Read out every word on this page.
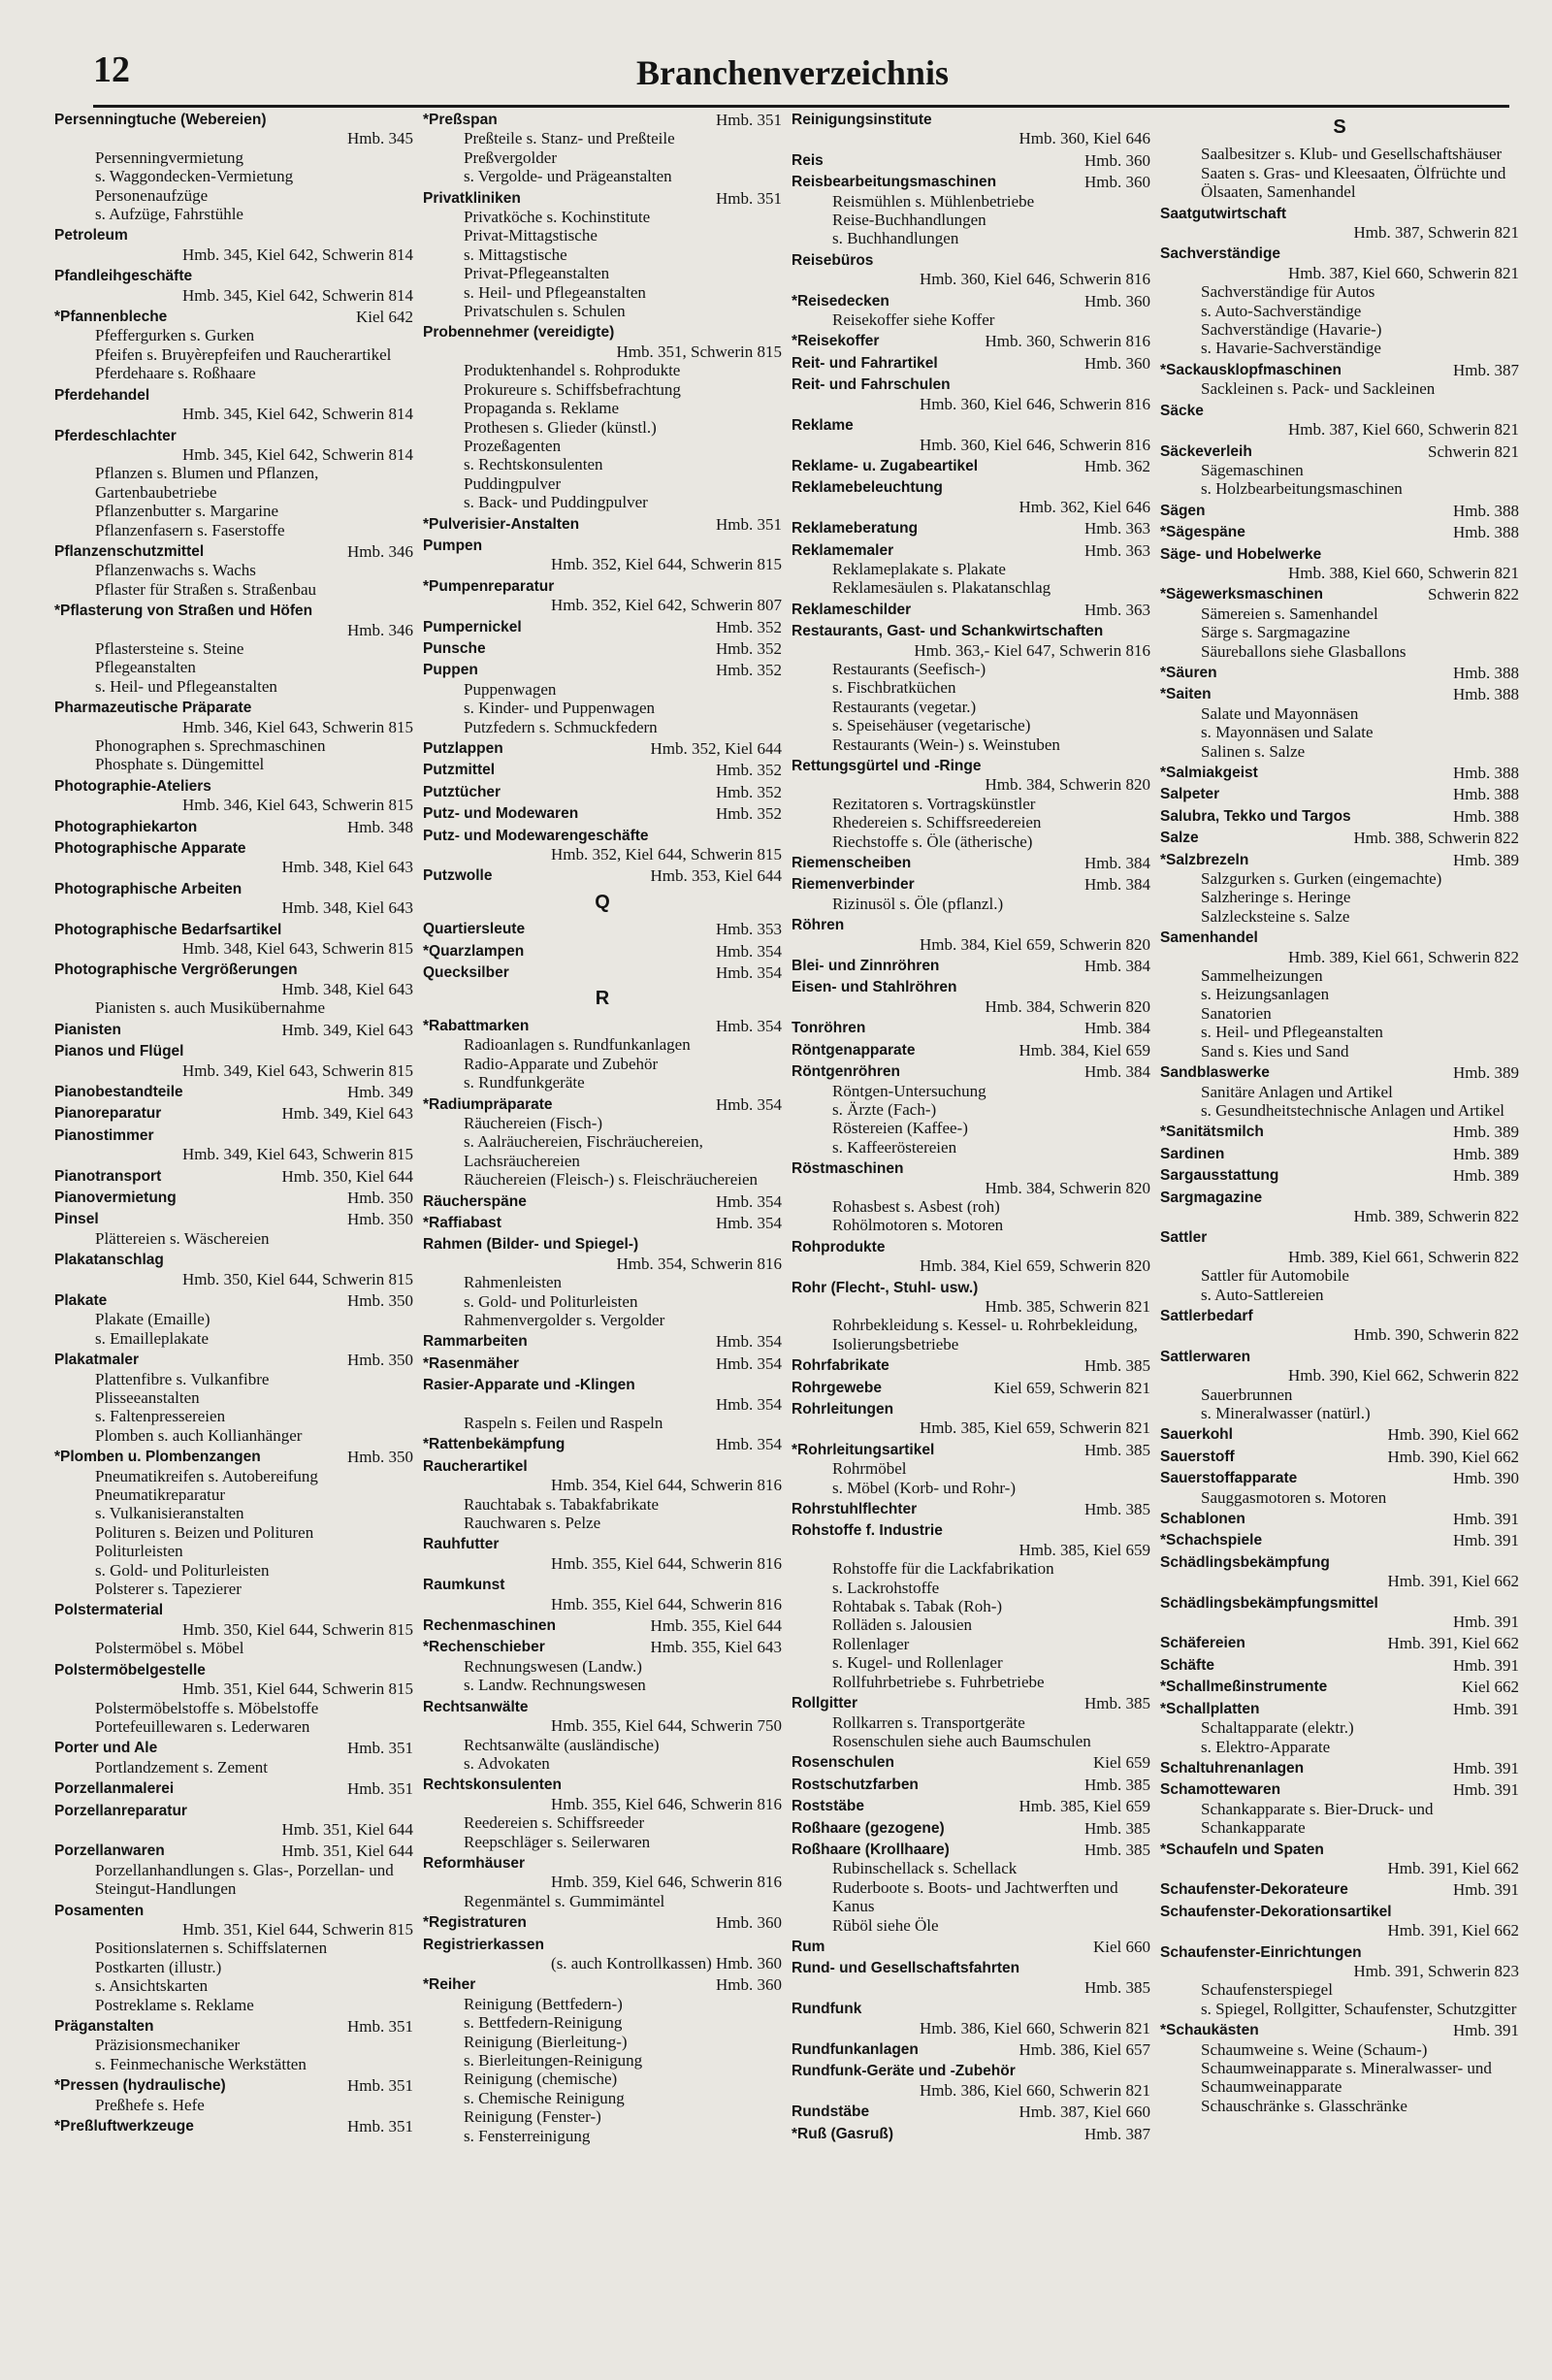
12	Branchenverzeichnis
Persenningtuche (Webereien)
Hmb. 345
Persenningvermietung
s. Waggondecken-Vermietung
Personenaufzüge
s. Aufzüge, Fahrstühle
Petroleum
Hmb. 345, Kiel 642, Schwerin 814
Pfandleihgeschäfte
Hmb. 345, Kiel 642, Schwerin 814
Kiel 642
*Pfannenbleche
Pfeffergurken s. Gurken
Pfeifen s. Bruyèrepfeifen und Raucherartikel
Pferdehaare s. Roßhaare
Pferdehandel
Hmb. 345, Kiel 642, Schwerin 814
Pferdeschlachter
Hmb. 345, Kiel 642, Schwerin 814
Pflanzen s. Blumen und Pflanzen, Gartenbaubetriebe
Pflanzenbutter s. Margarine
Pflanzenfasern s. Faserstoffe
Hmb. 346
Pflanzenschutzmittel
Pflanzenwachs s. Wachs
Pflaster für Straßen s. Straßenbau
*Pflasterung von Straßen und Höfen
Hmb. 346
Pflastersteine s. Steine
Pflegeanstalten
s. Heil- und Pflegeanstalten
Pharmazeutische Präparate
Hmb. 346, Kiel 643, Schwerin 815
Phonographen s. Sprechmaschinen
Phosphate s. Düngemittel
Photographie-Ateliers
Hmb. 346, Kiel 643, Schwerin 815
Hmb. 348
Photographiekarton
Photographische Apparate
Hmb. 348, Kiel 643
Photographische Arbeiten
Hmb. 348, Kiel 643
Photographische Bedarfsartikel
Hmb. 348, Kiel 643, Schwerin 815
Photographische Vergrößerungen
Hmb. 348, Kiel 643
Pianisten s. auch Musikübernahme
Hmb. 349, Kiel 643
Pianisten
Pianos und Flügel
Hmb. 349, Kiel 643, Schwerin 815
Hmb. 349
Pianobestandteile
Hmb. 349, Kiel 643
Pianoreparatur
Pianostimmer
Hmb. 349, Kiel 643, Schwerin 815
Hmb. 350, Kiel 644
Pianotransport
Hmb. 350
Pianovermietung
Hmb. 350
Pinsel
Plättereien s. Wäschereien
Plakatanschlag
Hmb. 350, Kiel 644, Schwerin 815
Hmb. 350
Plakate
Plakate (Emaille)
s. Emailleplakate
Hmb. 350
Plakatmaler
Plattenfibre s. Vulkanfibre
Plisseeanstalten
s. Faltenpressereien
Plomben s. auch Kollianhänger
Hmb. 350
*Plomben u. Plombenzangen
Pneumatikreifen s. Autobereifung
Pneumatikreparatur
s. Vulkanisieranstalten
Polituren s. Beizen und Polituren
Politurleisten
s. Gold- und Politurleisten
Polsterer s. Tapezierer
Polstermaterial
Hmb. 350, Kiel 644, Schwerin 815
Polstermöbel s. Möbel
Polstermöbelgestelle
Hmb. 351, Kiel 644, Schwerin 815
Polstermöbelstoffe s. Möbelstoffe
Portefeuillewaren s. Lederwaren
Hmb. 351
Porter und Ale
Portlandzement s. Zement
Hmb. 351
Porzellanmalerei
Porzellanreparatur
Hmb. 351, Kiel 644
Hmb. 351, Kiel 644
Porzellanwaren
Porzellanhandlungen s. Glas-, Porzellan- und Steingut-Handlungen
Posamenten
Hmb. 351, Kiel 644, Schwerin 815
Positionslaternen s. Schiffslaternen
Postkarten (illustr.)
s. Ansichtskarten
Postreklame s. Reklame
Hmb. 351
Präganstalten
Präzisionsmechaniker
s. Feinmechanische Werkstätten
Hmb. 351
*Pressen (hydraulische)
Preßhefe s. Hefe
Hmb. 351
*Preßluftwerkzeuge
Hmb. 351
*Preßspan
Preßteile s. Stanz- und Preßteile
Preßvergolder
s. Vergolde- und Prägeanstalten
Hmb. 351
Privatkliniken
Privatköche s. Kochinstitute
Privat-Mittagstische
s. Mittagstische
Privat-Pflegeanstalten
s. Heil- und Pflegeanstalten
Privatschulen s. Schulen
Probennehmer (vereidigte)
Hmb. 351, Schwerin 815
Produktenhandel s. Rohprodukte
Prokureure s. Schiffsbefrachtung
Propaganda s. Reklame
Prothesen s. Glieder (künstl.)
Prozeßagenten
s. Rechtskonsulenten
Puddingpulver
s. Back- und Puddingpulver
Hmb. 351
*Pulverisier-Anstalten
Pumpen
Hmb. 352, Kiel 644, Schwerin 815
*Pumpenreparatur
Hmb. 352, Kiel 642, Schwerin 807
Hmb. 352
Pumpernickel
Hmb. 352
Punsche
Hmb. 352
Puppen
Puppenwagen
s. Kinder- und Puppenwagen
Putzfedern s. Schmuckfedern
Hmb. 352, Kiel 644
Putzlappen
Hmb. 352
Putzmittel
Hmb. 352
Putztücher
Hmb. 352
Putz- und Modewaren
Putz- und Modewarengeschäfte
Hmb. 352, Kiel 644, Schwerin 815
Hmb. 353, Kiel 644
Putzwolle
Q
Hmb. 353
Quartiersleute
Hmb. 354
*Quarzlampen
Hmb. 354
Quecksilber
R
Hmb. 354
*Rabattmarken
Radioanlagen s. Rundfunkanlagen
Radio-Apparate und Zubehör
s. Rundfunkgeräte
Hmb. 354
*Radiumpräparate
Räuchereien (Fisch-)
s. Aalräuchereien, Fischräuchereien, Lachsräuchereien
Räuchereien (Fleisch-) s. Fleischräuchereien
Hmb. 354
Räucherspäne
Hmb. 354
*Raffiabast
Rahmen (Bilder- und Spiegel-)
Hmb. 354, Schwerin 816
Rahmenleisten
s. Gold- und Politurleisten
Rahmenvergolder s. Vergolder
Hmb. 354
Rammarbeiten
Hmb. 354
*Rasenmäher
Rasier-Apparate und -Klingen
Hmb. 354
Raspeln s. Feilen und Raspeln
Hmb. 354
*Rattenbekämpfung
Raucherartikel
Hmb. 354, Kiel 644, Schwerin 816
Rauchtabak s. Tabakfabrikate
Rauchwaren s. Pelze
Rauhfutter
Hmb. 355, Kiel 644, Schwerin 816
Raumkunst
Hmb. 355, Kiel 644, Schwerin 816
Hmb. 355, Kiel 644
Rechenmaschinen
Hmb. 355, Kiel 643
*Rechenschieber
Rechnungswesen (Landw.)
s. Landw. Rechnungswesen
Rechtsanwälte
Hmb. 355, Kiel 644, Schwerin 750
Rechtsanwälte (ausländische)
s. Advokaten
Rechtskonsulenten
Hmb. 355, Kiel 646, Schwerin 816
Reedereien s. Schiffsreeder
Reepschläger s. Seilerwaren
Reformhäuser
Hmb. 359, Kiel 646, Schwerin 816
Regenmäntel s. Gummimäntel
Hmb. 360
*Registraturen
Registrierkassen
(s. auch Kontrollkassen) Hmb. 360
Hmb. 360
*Reiher
Reinigung (Bettfedern-)
s. Bettfedern-Reinigung
Reinigung (Bierleitung-)
s. Bierleitungen-Reinigung
Reinigung (chemische)
s. Chemische Reinigung
Reinigung (Fenster-)
s. Fensterreinigung
Reinigungsinstitute
Hmb. 360, Kiel 646
Hmb. 360
Reis
Hmb. 360
Reisbearbeitungsmaschinen
Reismühlen s. Mühlenbetriebe
Reise-Buchhandlungen
s. Buchhandlungen
Reisebüros
Hmb. 360, Kiel 646, Schwerin 816
Hmb. 360
*Reisedecken
Reisekoffer siehe Koffer
Hmb. 360, Schwerin 816
*Reisekoffer
Hmb. 360
Reit- und Fahrartikel
Reit- und Fahrschulen
Hmb. 360, Kiel 646, Schwerin 816
Reklame
Hmb. 360, Kiel 646, Schwerin 816
Hmb. 362
Reklame- u. Zugabeartikel
Reklamebeleuchtung
Hmb. 362, Kiel 646
Hmb. 363
Reklameberatung
Hmb. 363
Reklamemaler
Reklameplakate s. Plakate
Reklamesäulen s. Plakatanschlag
Hmb. 363
Reklameschilder
Restaurants, Gast- und Schankwirtschaften
Hmb. 363,- Kiel 647, Schwerin 816
Restaurants (Seefisch-)
s. Fischbratküchen
Restaurants (vegetar.)
s. Speisehäuser (vegetarische)
Restaurants (Wein-) s. Weinstuben
Rettungsgürtel und -Ringe
Hmb. 384, Schwerin 820
Rezitatoren s. Vortragskünstler
Rhedereien s. Schiffsreedereien
Riechstoffe s. Öle (ätherische)
Hmb. 384
Riemenscheiben
Hmb. 384
Riemenverbinder
Rizinusöl s. Öle (pflanzl.)
Röhren
Hmb. 384, Kiel 659, Schwerin 820
Hmb. 384
Blei- und Zinnröhren
Eisen- und Stahlröhren
Hmb. 384, Schwerin 820
Hmb. 384
Tonröhren
Hmb. 384, Kiel 659
Röntgenapparate
Hmb. 384
Röntgenröhren
Röntgen-Untersuchung
s. Ärzte (Fach-)
Röstereien (Kaffee-)
s. Kaffeeröstereien
Röstmaschinen
Hmb. 384, Schwerin 820
Rohasbest s. Asbest (roh)
Rohölmotoren s. Motoren
Rohprodukte
Hmb. 384, Kiel 659, Schwerin 820
Rohr (Flecht-, Stuhl- usw.)
Hmb. 385, Schwerin 821
Rohrbekleidung s. Kessel- u. Rohrbekleidung, Isolierungsbetriebe
Hmb. 385
Rohrfabrikate
Kiel 659, Schwerin 821
Rohrgewebe
Rohrleitungen
Hmb. 385, Kiel 659, Schwerin 821
Hmb. 385
*Rohrleitungsartikel
Rohrmöbel
s. Möbel (Korb- und Rohr-)
Hmb. 385
Rohrstuhlflechter
Rohstoffe f. Industrie
Hmb. 385, Kiel 659
Rohstoffe für die Lackfabrikation
s. Lackrohstoffe
Rohtabak s. Tabak (Roh-)
Rolläden s. Jalousien
Rollenlager
s. Kugel- und Rollenlager
Rollfuhrbetriebe s. Fuhrbetriebe
Hmb. 385
Rollgitter
Rollkarren s. Transportgeräte
Rosenschulen siehe auch Baumschulen
Kiel 659
Rosenschulen
Hmb. 385
Rostschutzfarben
Hmb. 385, Kiel 659
Roststäbe
Hmb. 385
Roßhaare (gezogene)
Hmb. 385
Roßhaare (Krollhaare)
Rubinschellack s. Schellack
Ruderboote s. Boots- und Jachtwerften und Kanus
Rüböl siehe Öle
Kiel 660
Rum
Rund- und Gesellschaftsfahrten
Hmb. 385
Rundfunk
Hmb. 386, Kiel 660, Schwerin 821
Hmb. 386, Kiel 657
Rundfunkanlagen
Rundfunk-Geräte und -Zubehör
Hmb. 386, Kiel 660, Schwerin 821
Hmb. 387, Kiel 660
Rundstäbe
Hmb. 387
*Ruß (Gasruß)
S
Saalbesitzer s. Klub- und Gesellschaftshäuser
Saaten s. Gras- und Kleesaaten, Ölfrüchte und Ölsaaten, Samenhandel
Saatgutwirtschaft
Hmb. 387, Schwerin 821
Sachverständige
Hmb. 387, Kiel 660, Schwerin 821
Sachverständige für Autos
s. Auto-Sachverständige
Sachverständige (Havarie-)
s. Havarie-Sachverständige
Hmb. 387
*Sackausklopfmaschinen
Sackleinen s. Pack- und Sackleinen
Säcke
Hmb. 387, Kiel 660, Schwerin 821
Schwerin 821
Säckeverleih
Sägemaschinen
s. Holzbearbeitungsmaschinen
Hmb. 388
Sägen
Hmb. 388
*Sägespäne
Säge- und Hobelwerke
Hmb. 388, Kiel 660, Schwerin 821
Schwerin 822
*Sägewerksmaschinen
Sämereien s. Samenhandel
Särge s. Sargmagazine
Säureballons siehe Glasballons
Hmb. 388
*Säuren
Hmb. 388
*Saiten
Salate und Mayonnäsen
s. Mayonnäsen und Salate
Salinen s. Salze
Hmb. 388
*Salmiakgeist
Hmb. 388
Salpeter
Hmb. 388
Salubra, Tekko und Targos
Hmb. 388, Schwerin 822
Salze
Hmb. 389
*Salzbrezeln
Salzgurken s. Gurken (eingemachte)
Salzheringe s. Heringe
Salzlecksteine s. Salze
Samenhandel
Hmb. 389, Kiel 661, Schwerin 822
Sammelheizungen
s. Heizungsanlagen
Sanatorien
s. Heil- und Pflegeanstalten
Sand s. Kies und Sand
Hmb. 389
Sandblaswerke
Sanitäre Anlagen und Artikel
s. Gesundheitstechnische Anlagen und Artikel
Hmb. 389
*Sanitätsmilch
Hmb. 389
Sardinen
Hmb. 389
Sargausstattung
Sargmagazine
Hmb. 389, Schwerin 822
Sattler
Hmb. 389, Kiel 661, Schwerin 822
Sattler für Automobile
s. Auto-Sattlereien
Sattlerbedarf
Hmb. 390, Schwerin 822
Sattlerwaren
Hmb. 390, Kiel 662, Schwerin 822
Sauerbrunnen
s. Mineralwasser (natürl.)
Hmb. 390, Kiel 662
Sauerkohl
Hmb. 390, Kiel 662
Sauerstoff
Hmb. 390
Sauerstoffapparate
Sauggasmotoren s. Motoren
Hmb. 391
Schablonen
Hmb. 391
*Schachspiele
Schädlingsbekämpfung
Hmb. 391, Kiel 662
Schädlingsbekämpfungsmittel
Hmb. 391
Hmb. 391, Kiel 662
Schäfereien
Hmb. 391
Schäfte
Kiel 662
*Schallmeßinstrumente
Hmb. 391
*Schallplatten
Schaltapparate (elektr.)
s. Elektro-Apparate
Hmb. 391
Schaltuhrenanlagen
Hmb. 391
Schamottewaren
Schankapparate s. Bier-Druck- und Schankapparate
*Schaufeln und Spaten
Hmb. 391, Kiel 662
Hmb. 391
Schaufenster-Dekorateure
Schaufenster-Dekorationsartikel
Hmb. 391, Kiel 662
Schaufenster-Einrichtungen
Hmb. 391, Schwerin 823
Schaufensterspiegel
s. Spiegel, Rollgitter, Schaufenster, Schutzgitter
Hmb. 391
*Schaukästen
Schaumweine s. Weine (Schaum-)
Schaumweinapparate s. Mineralwasser- und Schaumweinapparate
Schauschränke s. Glasschränke
